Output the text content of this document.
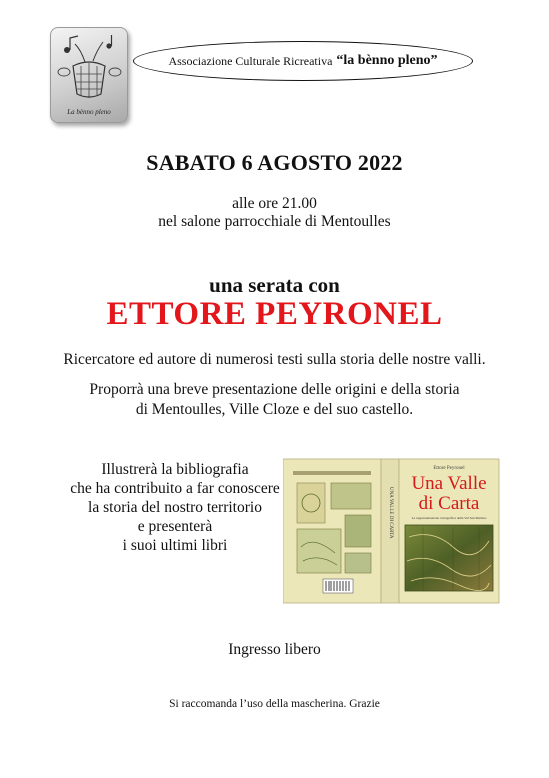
La bènno pleno
Associazione Culturale Ricreativa “la bènno pleno”
SABATO 6 AGOSTO 2022
alle ore 21.00
nel salone parrocchiale di Mentoulles
una serata con
ETTORE PEYRONEL
Ricercatore ed autore di numerosi testi sulla storia delle nostre valli.
Proporrà una breve presentazione delle origini e della storia
di Mentoulles, Ville Cloze e del suo castello.
Illustrerà la bibliografia
che ha contribuito a far conoscere
la storia del nostro territorio
e presenterà
i suoi ultimi libri
UNA VALLE DI CARTA
Ettore Peyronel
Una Valle
di Carta
La rappresentazione cartografica della Val San Martino
Ingresso libero
Si raccomanda l’uso della mascherina. Grazie
